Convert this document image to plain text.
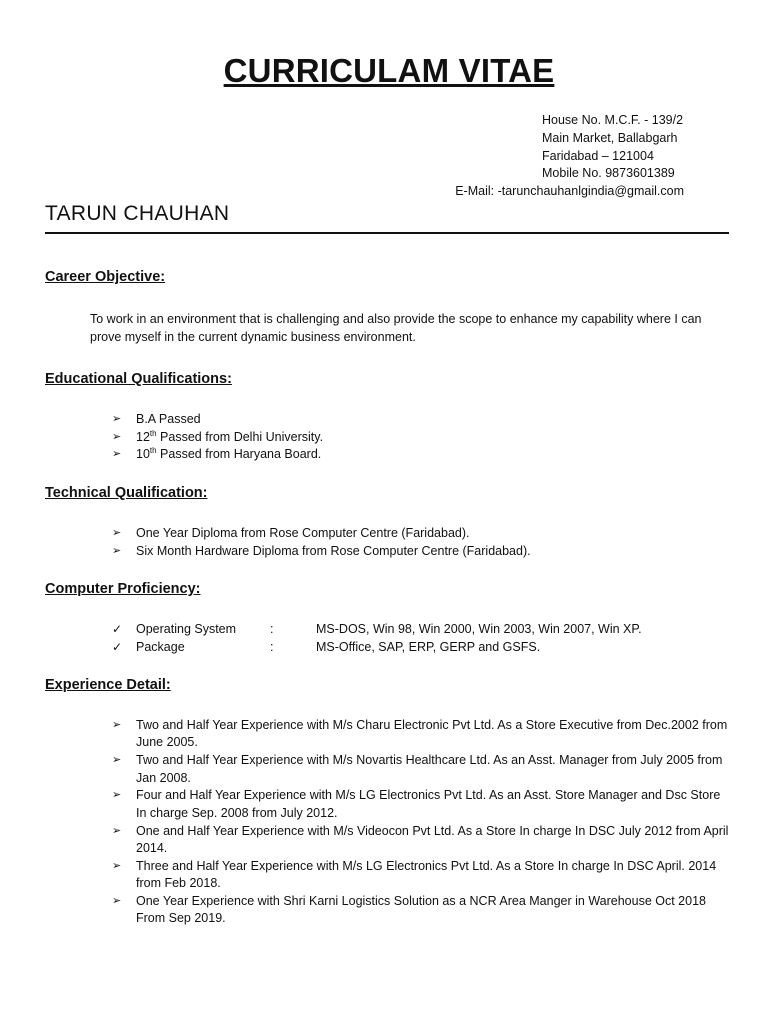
CURRICULAM VITAE
House No. M.C.F. - 139/2
Main Market, Ballabgarh
Faridabad – 121004
Mobile No. 9873601389
E-Mail: -tarunchauhanlgindia@gmail.com
TARUN CHAUHAN
Career Objective:
To work in an environment that is challenging and also provide the scope to enhance my capability where I can prove myself in the current dynamic business environment.
Educational Qualifications:
➢ B.A Passed
➢ 12th Passed from Delhi University.
➢ 10th Passed from Haryana Board.
Technical Qualification:
➢ One Year Diploma from Rose Computer Centre (Faridabad).
➢ Six Month Hardware Diploma from Rose Computer Centre (Faridabad).
Computer Proficiency:
✓ Operating System	:	MS-DOS, Win 98, Win 2000, Win 2003, Win 2007, Win XP.
✓ Package	:	MS-Office, SAP, ERP, GERP and GSFS.
Experience Detail:
➢ Two and Half Year Experience with M/s Charu Electronic Pvt Ltd. As a Store Executive from Dec.2002 from June 2005.
➢ Two and Half Year Experience with M/s Novartis Healthcare Ltd. As an Asst. Manager from July 2005 from Jan 2008.
➢ Four and Half Year Experience with M/s LG Electronics Pvt Ltd. As an Asst. Store Manager and Dsc Store In charge Sep. 2008 from July 2012.
➢ One and Half Year Experience with M/s Videocon Pvt Ltd. As a Store In charge In DSC July 2012 from April 2014.
➢ Three and Half Year Experience with M/s LG Electronics Pvt Ltd. As a Store In charge In DSC April. 2014 from Feb 2018.
➢ One Year Experience with Shri Karni Logistics Solution as a NCR Area Manger in Warehouse Oct 2018 From Sep 2019.
